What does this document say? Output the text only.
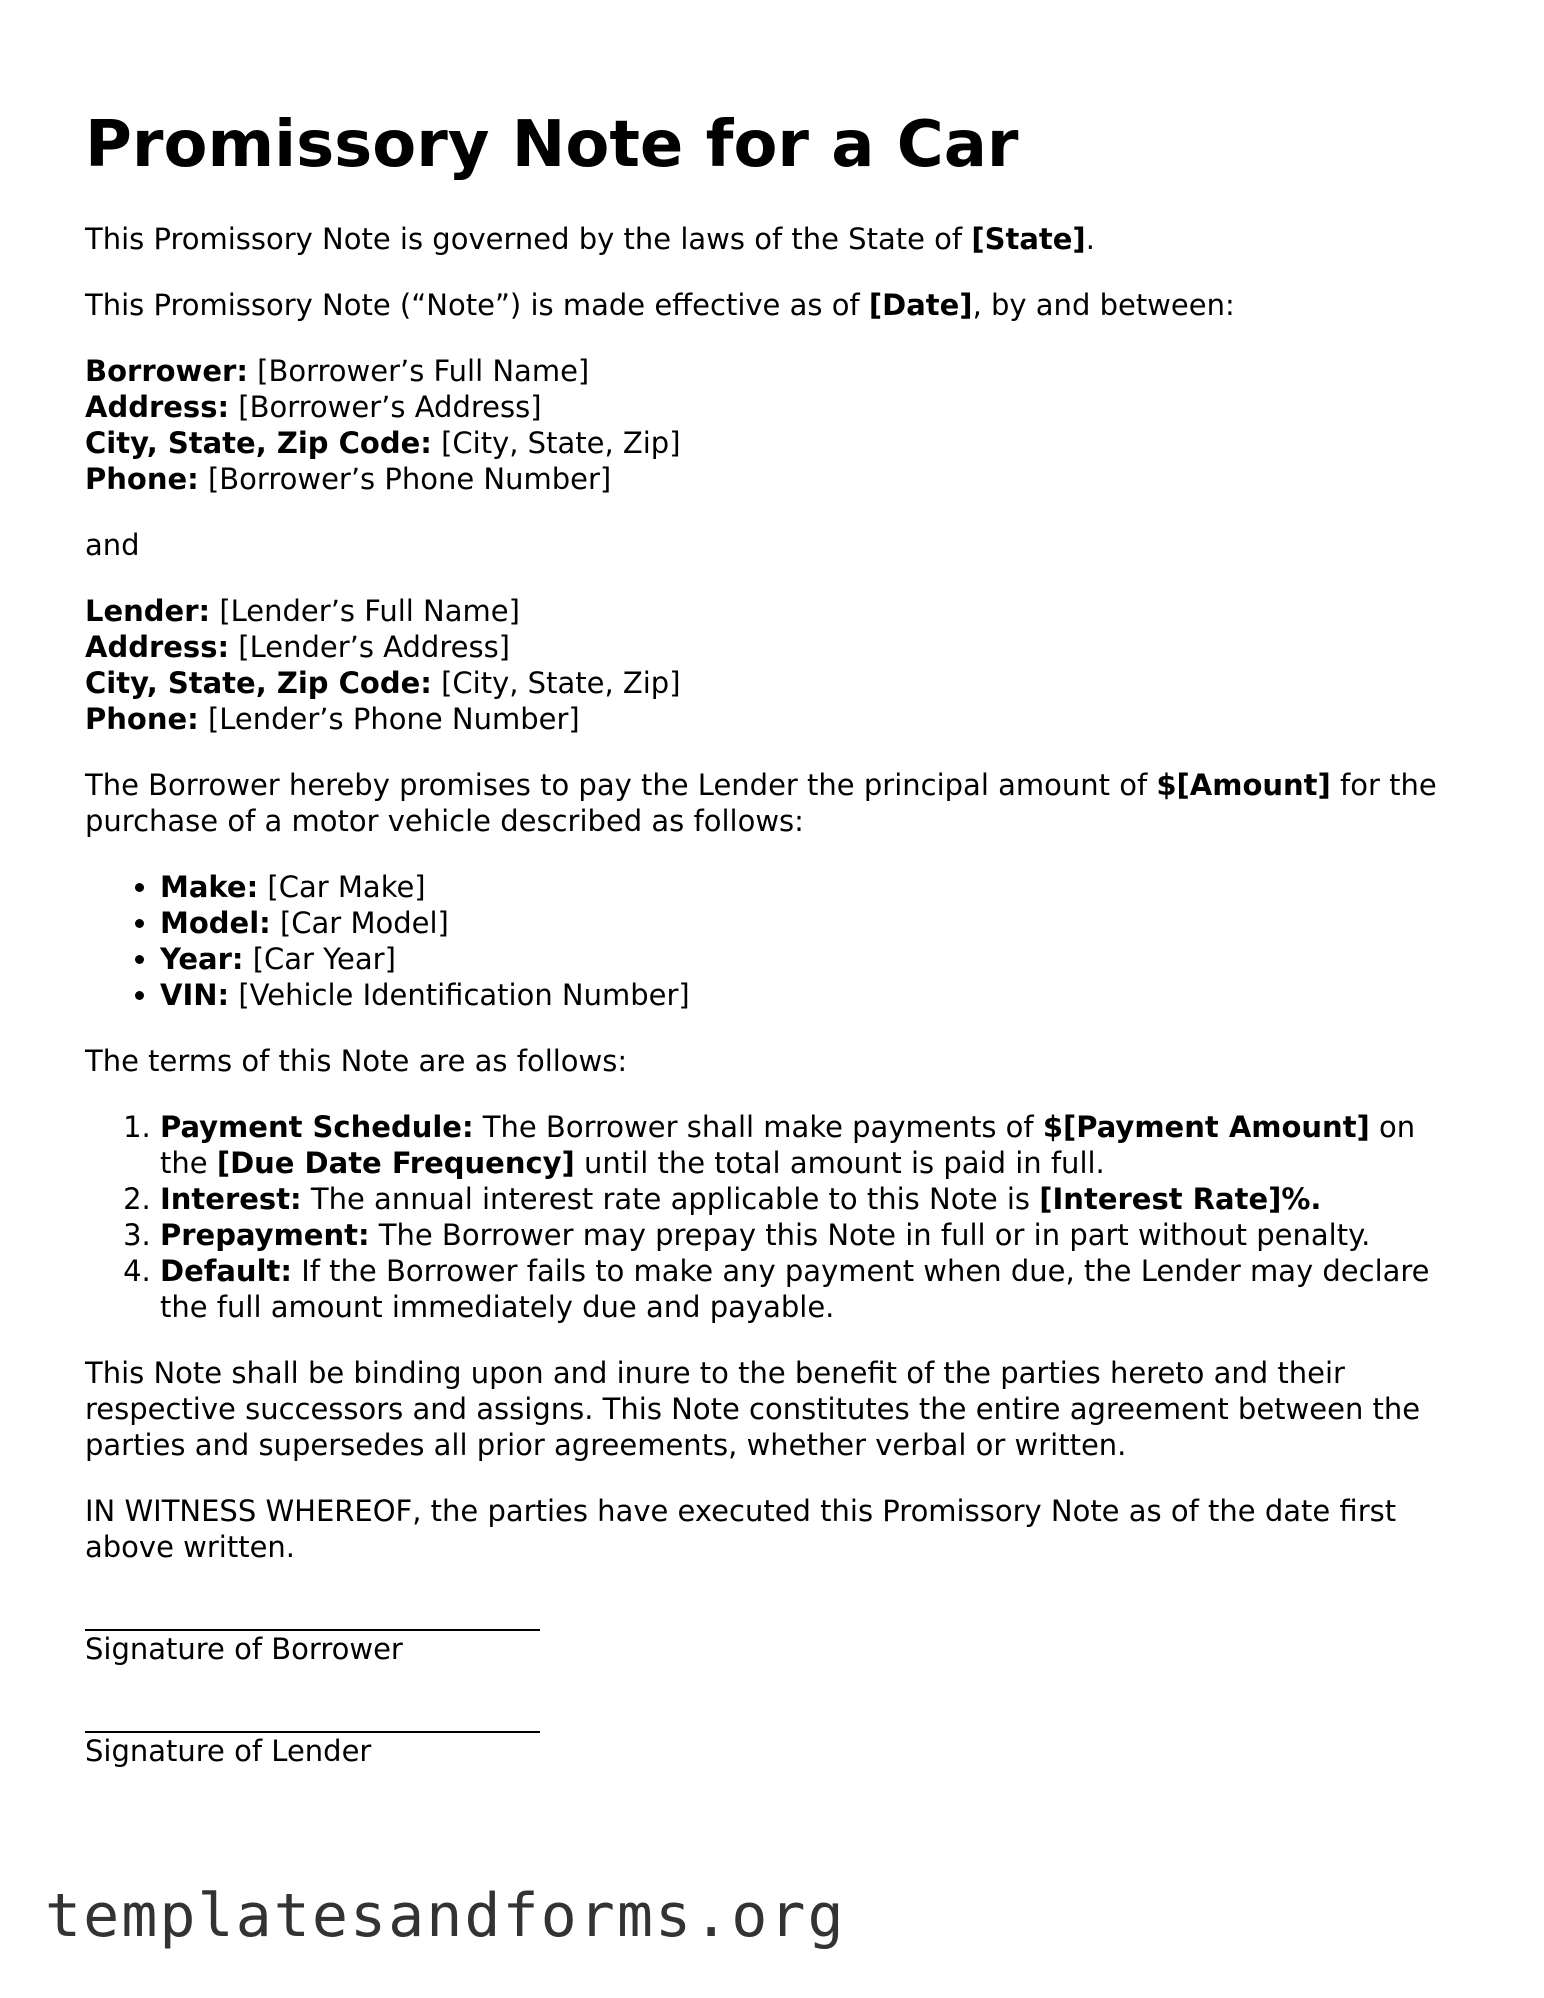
Promissory Note for a Car

This Promissory Note is governed by the laws of the State of [State].

This Promissory Note (“Note”) is made effective as of [Date], by and between:

Borrower: [Borrower’s Full Name]
Address: [Borrower’s Address]
City, State, Zip Code: [City, State, Zip]
Phone: [Borrower’s Phone Number]

and

Lender: [Lender’s Full Name]
Address: [Lender’s Address]
City, State, Zip Code: [City, State, Zip]
Phone: [Lender’s Phone Number]

The Borrower hereby promises to pay the Lender the principal amount of $[Amount] for the purchase of a motor vehicle described as follows:

• Make: [Car Make]
• Model: [Car Model]
• Year: [Car Year]
• VIN: [Vehicle Identification Number]

The terms of this Note are as follows:

1. Payment Schedule: The Borrower shall make payments of $[Payment Amount] on the [Due Date Frequency] until the total amount is paid in full.
2. Interest: The annual interest rate applicable to this Note is [Interest Rate]%.
3. Prepayment: The Borrower may prepay this Note in full or in part without penalty.
4. Default: If the Borrower fails to make any payment when due, the Lender may declare the full amount immediately due and payable.

This Note shall be binding upon and inure to the benefit of the parties hereto and their respective successors and assigns. This Note constitutes the entire agreement between the parties and supersedes all prior agreements, whether verbal or written.

IN WITNESS WHEREOF, the parties have executed this Promissory Note as of the date first above written.

Signature of Borrower
Signature of Lender
templatesandforms.org
